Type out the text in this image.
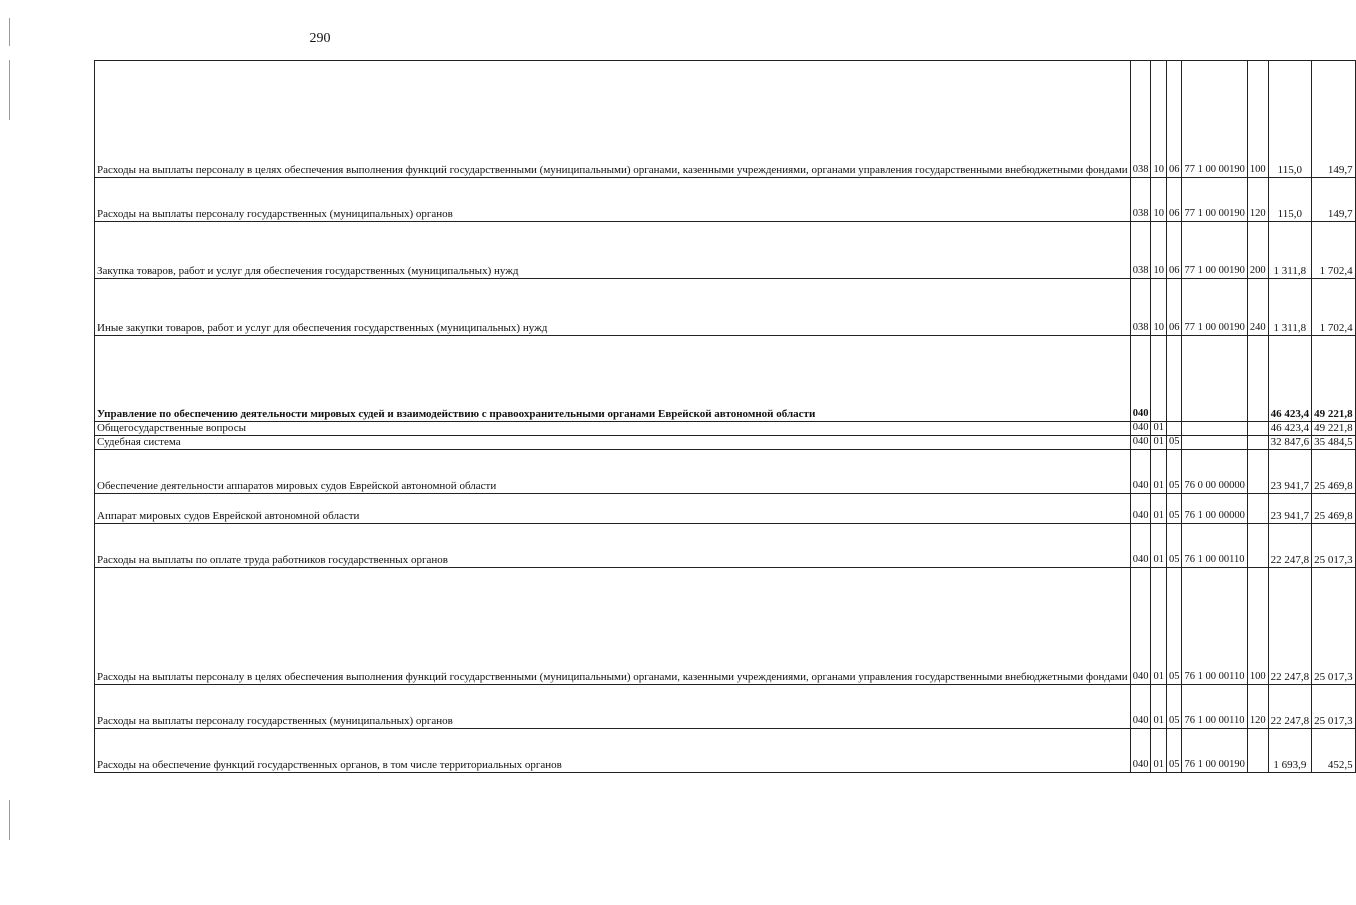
290
Расходы на выплаты персоналу в целях обеспечения выполнения функций государственными (муниципальными) органами, казенными учреждениями, органами управления государственными внебюджетными фондами	038	10	06	77 1 00 00190	100	115,0	149,7
Расходы на выплаты персоналу государственных (муниципальных) органов	038	10	06	77 1 00 00190	120	115,0	149,7
Закупка товаров, работ и услуг для обеспечения государственных (муниципальных) нужд	038	10	06	77 1 00 00190	200	1 311,8	1 702,4
Иные закупки товаров, работ и услуг для обеспечения государственных (муниципальных) нужд	038	10	06	77 1 00 00190	240	1 311,8	1 702,4
Управление по обеспечению деятельности мировых судей и взаимодействию с правоохранительными органами Еврейской автономной области	040					46 423,4	49 221,8
Общегосударственные вопросы	040	01				46 423,4	49 221,8
Судебная система	040	01	05			32 847,6	35 484,5
Обеспечение деятельности аппаратов мировых судов Еврейской автономной области	040	01	05	76 0 00 00000		23 941,7	25 469,8
Аппарат мировых судов Еврейской автономной области	040	01	05	76 1 00 00000		23 941,7	25 469,8
Расходы на выплаты по оплате труда работников государственных органов	040	01	05	76 1 00 00110		22 247,8	25 017,3
Расходы на выплаты персоналу в целях обеспечения выполнения функций государственными (муниципальными) органами, казенными учреждениями, органами управления государственными внебюджетными фондами	040	01	05	76 1 00 00110	100	22 247,8	25 017,3
Расходы на выплаты персоналу государственных (муниципальных) органов	040	01	05	76 1 00 00110	120	22 247,8	25 017,3
Расходы на обеспечение функций государственных органов, в том числе территориальных органов	040	01	05	76 1 00 00190		1 693,9	452,5
